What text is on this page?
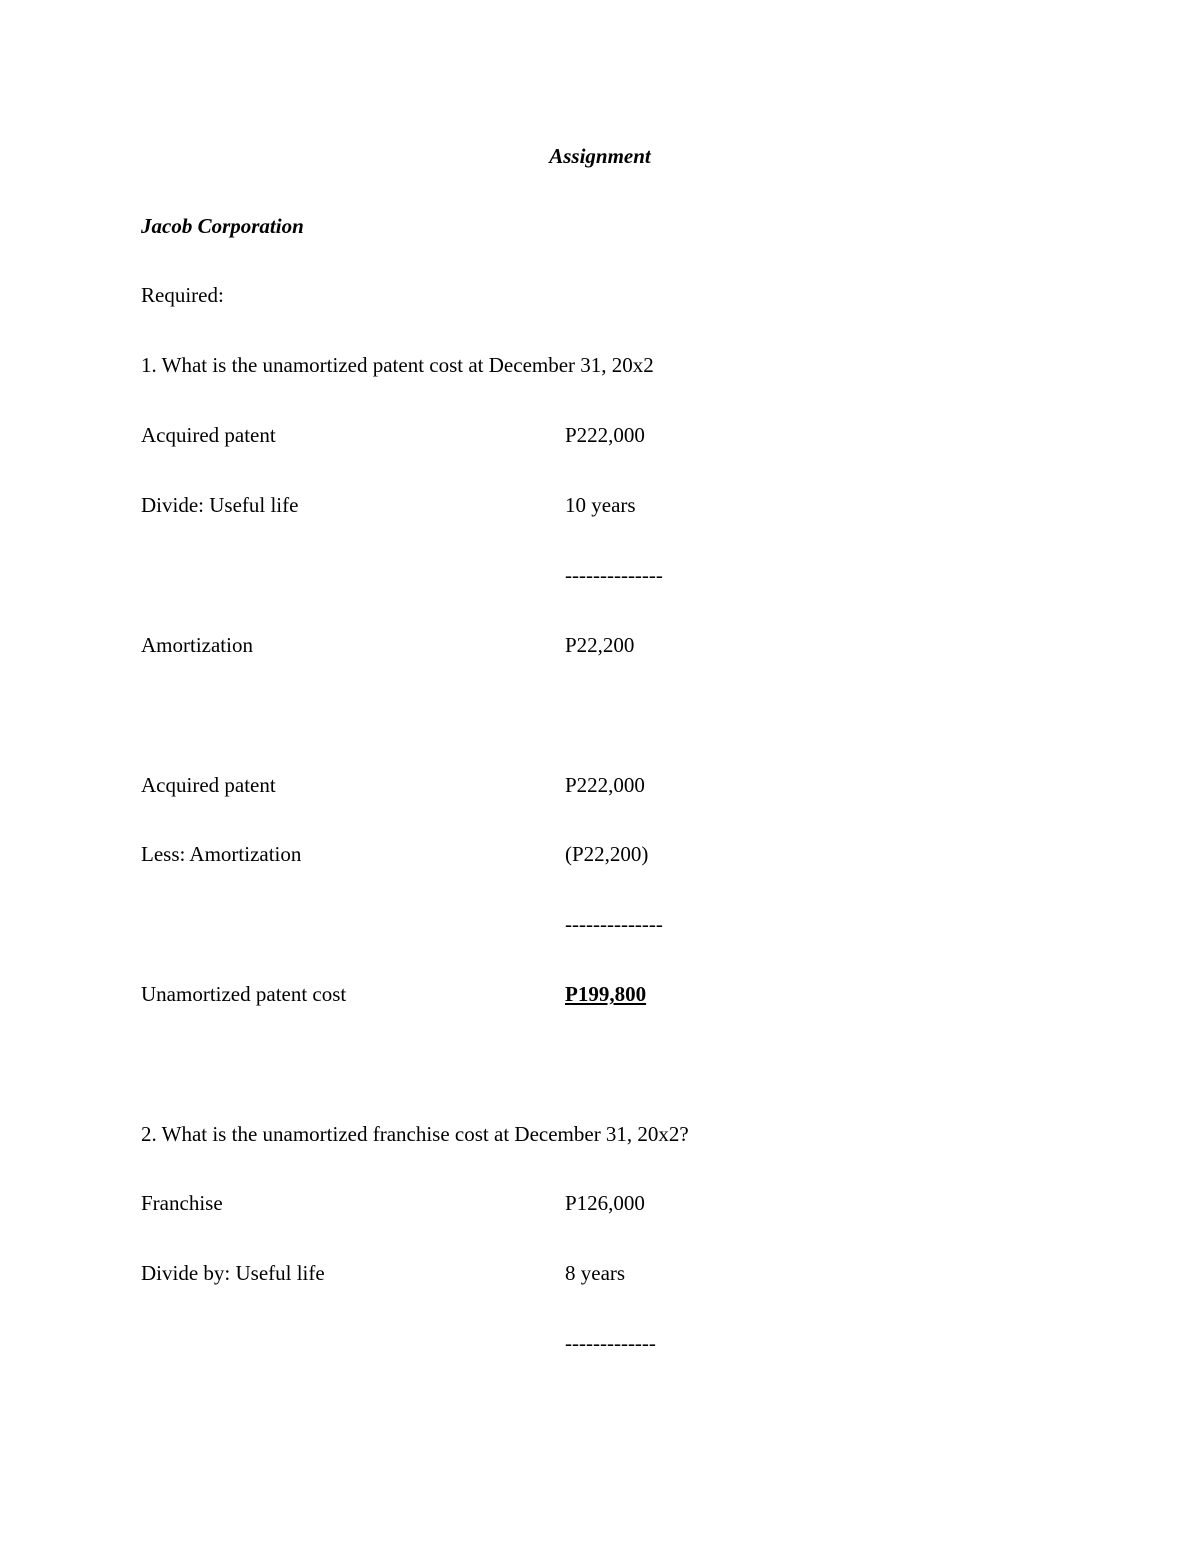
Assignment
Jacob Corporation
Required:
1. What is the unamortized patent cost at December 31, 20x2
Acquired patent	P222,000
Divide: Useful life	10 years
--------------
Amortization	P22,200
Acquired patent	P222,000
Less: Amortization	(P22,200)
--------------
Unamortized patent cost	P199,800
2. What is the unamortized franchise cost at December 31, 20x2?
Franchise	P126,000
Divide by: Useful life	8 years
-------------
